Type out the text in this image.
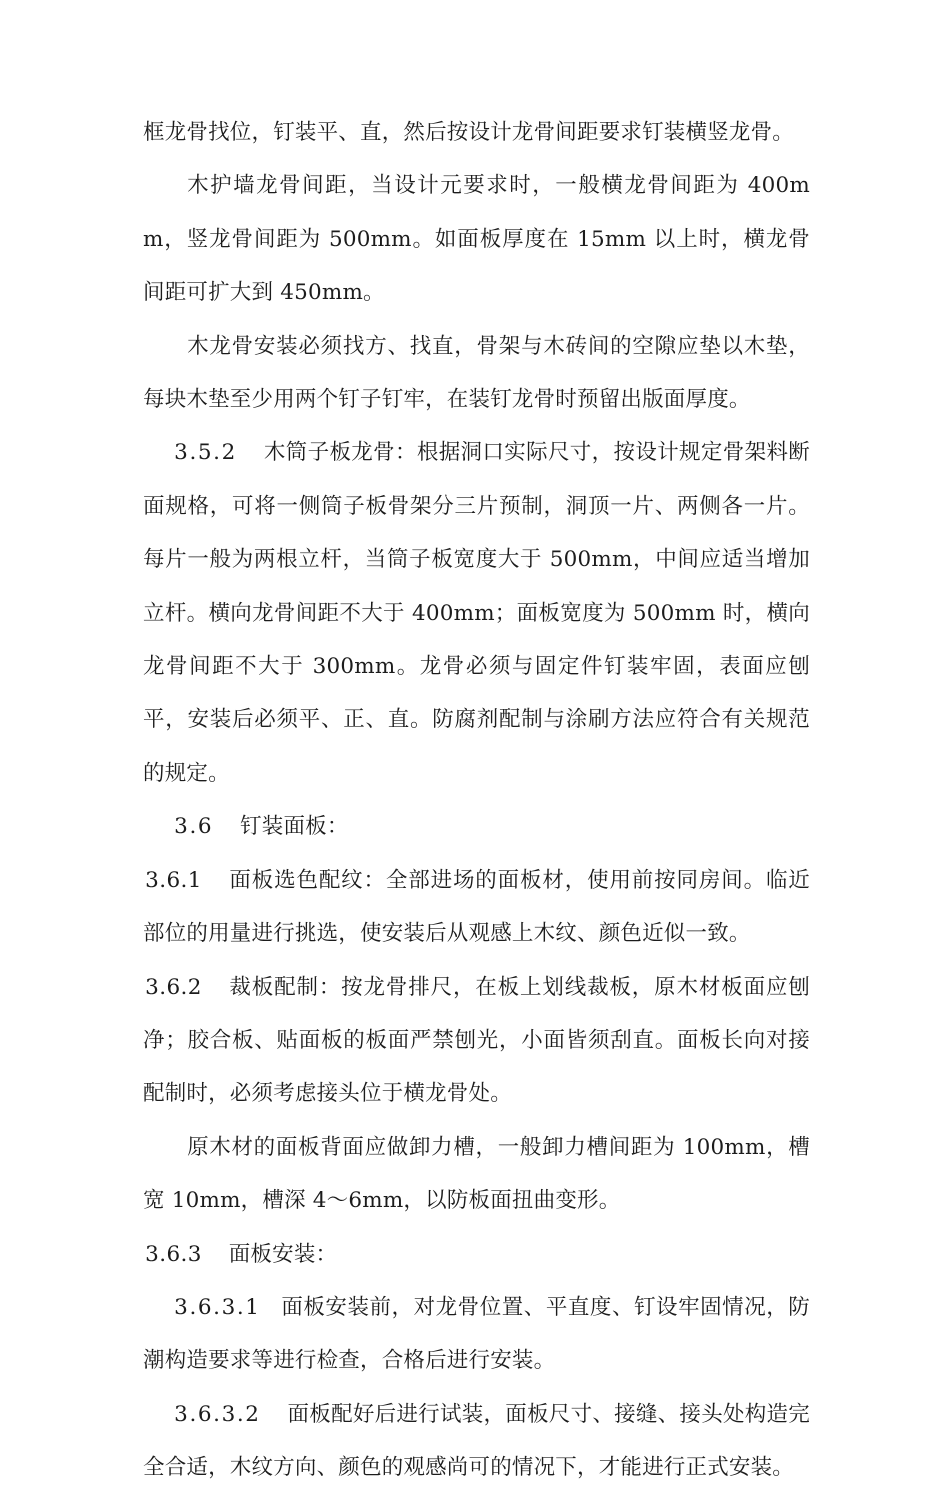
框龙骨找位，钉装平、直，然后按设计龙骨间距要求钉装横竖龙骨。

木护墙龙骨间距，当设计元要求时，一般横龙骨间距为 400mm，竖龙骨间距为 500mm。如面板厚度在 15mm 以上时，横龙骨间距可扩大到 450mm。

木龙骨安装必须找方、找直，骨架与木砖间的空隙应垫以木垫，每块木垫至少用两个钉子钉牢，在装钉龙骨时预留出版面厚度。

3.5.2 木筒子板龙骨：根据洞口实际尺寸，按设计规定骨架料断面规格，可将一侧筒子板骨架分三片预制，洞顶一片、两侧各一片。每片一般为两根立杆，当筒子板宽度大于 500mm，中间应适当增加立杆。横向龙骨间距不大于 400mm；面板宽度为 500mm 时，横向龙骨间距不大于 300mm。龙骨必须与固定件钉装牢固，表面应刨平，安装后必须平、正、直。防腐剂配制与涂刷方法应符合有关规范的规定。

3.6 钉装面板：

3.6.1 面板选色配纹：全部进场的面板材，使用前按同房间。临近部位的用量进行挑选，使安装后从观感上木纹、颜色近似一致。

3.6.2 裁板配制：按龙骨排尺，在板上划线裁板，原木材板面应刨净；胶合板、贴面板的板面严禁刨光，小面皆须刮直。面板长向对接配制时，必须考虑接头位于横龙骨处。

原木材的面板背面应做卸力槽，一般卸力槽间距为 100mm，槽宽 10mm，槽深 4～6mm，以防板面扭曲变形。

3.6.3 面板安装：

3.6.3.1 面板安装前，对龙骨位置、平直度、钉设牢固情况，防潮构造要求等进行检查，合格后进行安装。

3.6.3.2 面板配好后进行试装，面板尺寸、接缝、接头处构造完全合适，木纹方向、颜色的观感尚可的情况下，才能进行正式安装。
